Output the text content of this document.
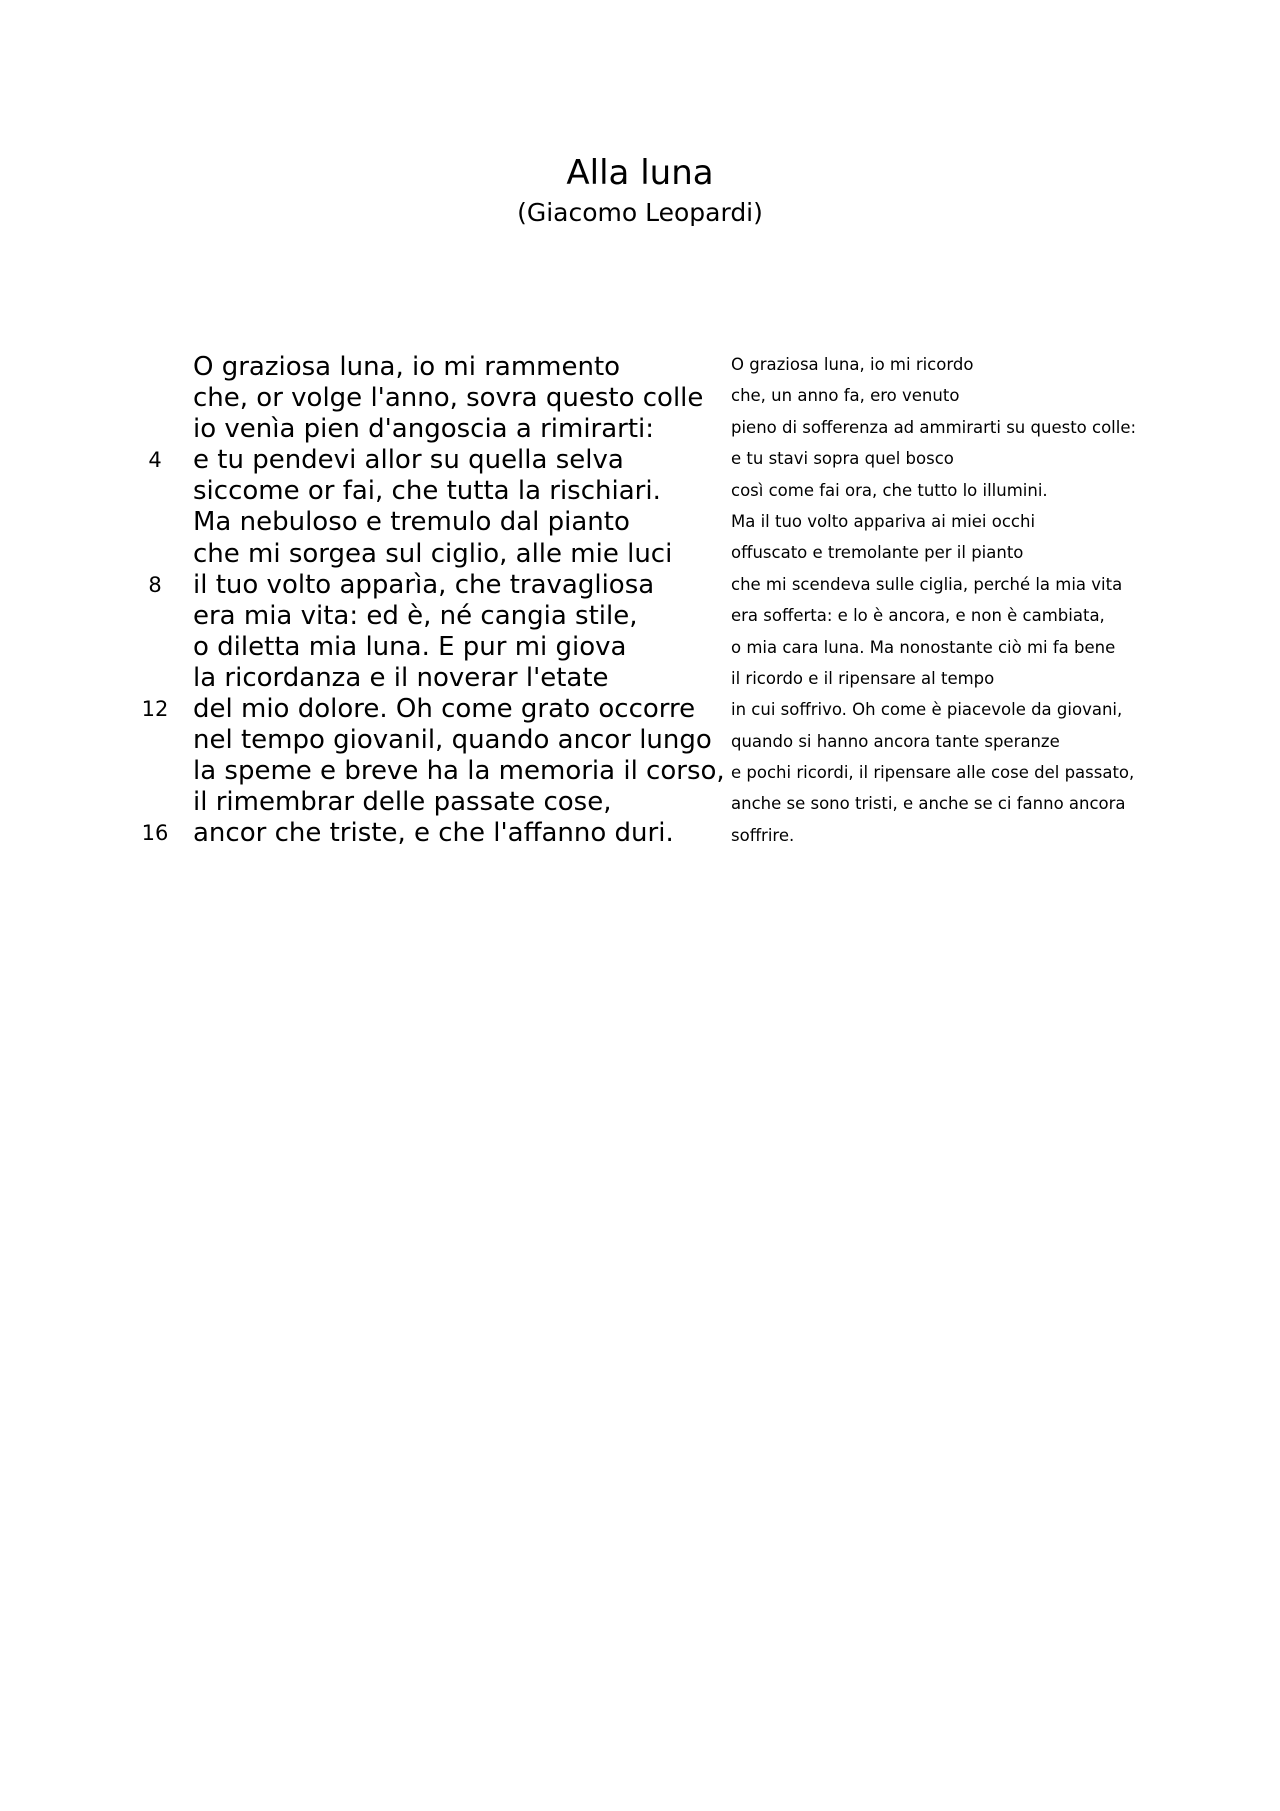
Alla luna

(Giacomo Leopardi)

O graziosa luna, io mi rammento
che, or volge l'anno, sovra questo colle
io venìa pien d'angoscia a rimirarti:
4	e tu pendevi allor su quella selva
siccome or fai, che tutta la rischiari.
Ma nebuloso e tremulo dal pianto
che mi sorgea sul ciglio, alle mie luci
8	il tuo volto apparìa, che travagliosa
era mia vita: ed è, né cangia stile,
o diletta mia luna. E pur mi giova
la ricordanza e il noverar l'etate
12 del mio dolore. Oh come grato occorre
nel tempo giovanil, quando ancor lungo
la speme e breve ha la memoria il corso,
il rimembrar delle passate cose,
16 ancor che triste, e che l'affanno duri.
O graziosa luna, io mi ricordo
che, un anno fa, ero venuto
pieno di sofferenza ad ammirarti su questo colle:
e tu stavi sopra quel bosco
così come fai ora, che tutto lo illumini.
Ma il tuo volto appariva ai miei occhi
offuscato e tremolante per il pianto
che mi scendeva sulle ciglia, perché la mia vita
era sofferta: e lo è ancora, e non è cambiata,
o mia cara luna. Ma nonostante ciò mi fa bene
il ricordo e il ripensare al tempo
in cui soffrivo. Oh come è piacevole da giovani,
quando si hanno ancora tante speranze
e pochi ricordi, il ripensare alle cose del passato,
anche se sono tristi, e anche se ci fanno ancora
soffrire.
